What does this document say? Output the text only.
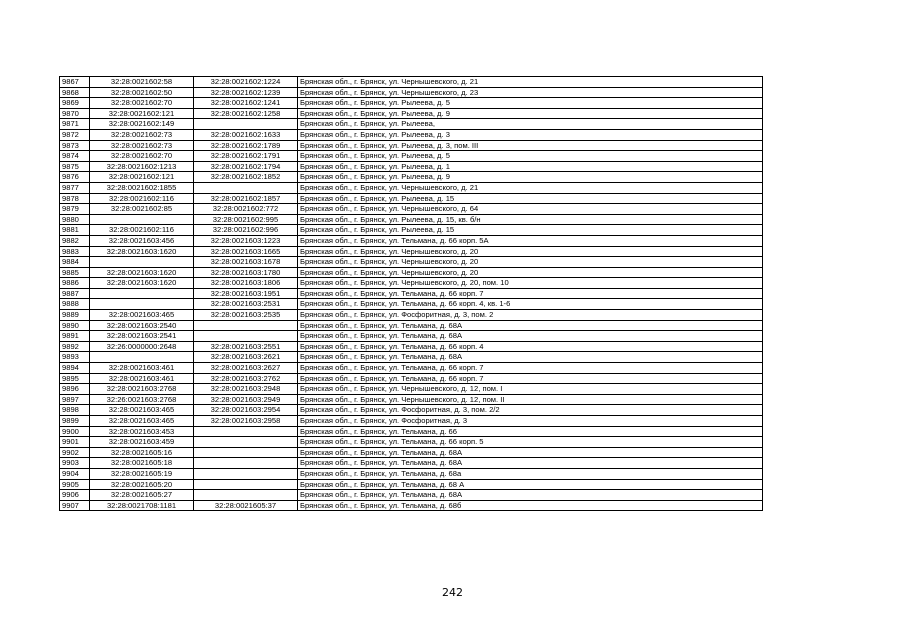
9867	32:28:0021602:58	32:28:0021602:1224	Брянская обл., г. Брянск, ул. Чернышевского, д. 21
9868	32:28:0021602:50	32:28:0021602:1239	Брянская обл., г. Брянск, ул. Чернышевского, д. 23
9869	32:28:0021602:70	32:28:0021602:1241	Брянская обл., г. Брянск, ул. Рылеева, д. 5
9870	32:28:0021602:121	32:28:0021602:1258	Брянская обл., г. Брянск, ул. Рылеева, д. 9
9871	32:28:0021602:149		Брянская обл., г. Брянск, ул. Рылеева,
9872	32:28:0021602:73	32:28:0021602:1633	Брянская обл., г. Брянск, ул. Рылеева, д. 3
9873	32:28:0021602:73	32:28:0021602:1789	Брянская обл., г. Брянск, ул. Рылеева, д. 3, пом. III
9874	32:28:0021602:70	32:28:0021602:1791	Брянская обл., г. Брянск, ул. Рылеева, д. 5
9875	32:28:0021602:1213	32:28:0021602:1794	Брянская обл., г. Брянск, ул. Рылеева, д. 1
9876	32:28:0021602:121	32:28:0021602:1852	Брянская обл., г. Брянск, ул. Рылеева, д. 9
9877	32:28:0021602:1855		Брянская обл., г. Брянск, ул. Чернышевского, д. 21
9878	32:28:0021602:116	32:28:0021602:1857	Брянская обл., г. Брянск, ул. Рылеева, д. 15
9879	32:28:0021602:85	32:28:0021602:772	Брянская обл., г. Брянск, ул. Чернышевского, д. 64
9880		32:28:0021602:995	Брянская обл., г. Брянск, ул. Рылеева, д. 15, кв. б/н
9881	32:28:0021602:116	32:28:0021602:996	Брянская обл., г. Брянск, ул. Рылеева, д. 15
9882	32:28:0021603:456	32:28:0021603:1223	Брянская обл., г. Брянск, ул. Тельмана, д. 66 корп. 5А
9883	32:28:0021603:1620	32:28:0021603:1665	Брянская обл., г. Брянск, ул. Чернышевского, д. 20
9884		32:28:0021603:1678	Брянская обл., г. Брянск, ул. Чернышевского, д. 20
9885	32:28:0021603:1620	32:28:0021603:1780	Брянская обл., г. Брянск, ул. Чернышевского, д. 20
9886	32:28:0021603:1620	32:28:0021603:1806	Брянская обл., г. Брянск, ул. Чернышевского, д. 20, пом. 10
9887		32:28:0021603:1951	Брянская обл., г. Брянск, ул. Тельмана, д. 66 корп. 7
9888		32:28:0021603:2531	Брянская обл., г. Брянск, ул. Тельмана, д. 66 корп. 4, кв. 1-6
9889	32:28:0021603:465	32:28:0021603:2535	Брянская обл., г. Брянск, ул. Фосфоритная, д. 3, пом. 2
9890	32:28:0021603:2540		Брянская обл., г. Брянск, ул. Тельмана, д. 68А
9891	32:28:0021603:2541		Брянская обл., г. Брянск, ул. Тельмана, д. 68А
9892	32:26:0000000:2648	32:28:0021603:2551	Брянская обл., г. Брянск, ул. Тельмана, д. 66 корп. 4
9893		32:28:0021603:2621	Брянская обл., г. Брянск, ул. Тельмана, д. 68А
9894	32:28:0021603:461	32:28:0021603:2627	Брянская обл., г. Брянск, ул. Тельмана, д. 66 корп. 7
9895	32:28:0021603:461	32:28:0021603:2762	Брянская обл., г. Брянск, ул. Тельмана, д. 66 корп. 7
9896	32:28:0021603:2768	32:28:0021603:2948	Брянская обл., г. Брянск, ул. Чернышевского, д. 12, пом. I
9897	32:26:0021603:2768	32:28:0021603:2949	Брянская обл., г. Брянск, ул. Чернышевского, д. 12, пом. II
9898	32:28:0021603:465	32:28:0021603:2954	Брянская обл., г. Брянск, ул. Фосфоритная, д. 3, пом. 2/2
9899	32:28:0021603:465	32:28:0021603:2958	Брянская обл., г. Брянск, ул. Фосфоритная, д. 3
9900	32:28:0021603:453		Брянская обл., г. Брянск, ул. Тельмана, д. 66
9901	32:28:0021603:459		Брянская обл., г. Брянск, ул. Тельмана, д. 66 корп. 5
9902	32:28:0021605:16		Брянская обл., г. Брянск, ул. Тельмана, д. 68А
9903	32:28:0021605:18		Брянская обл., г. Брянск, ул. Тельмана, д. 68А
9904	32:28:0021605:19		Брянская обл., г. Брянск, ул. Тельмана, д. 68а
9905	32:28:0021605:20		Брянская обл., г. Брянск, ул. Тельмана, д. 68 А
9906	32:28:0021605:27		Брянская обл., г. Брянск, ул. Тельмана, д. 68А
9907	32:28:0021708:1181	32:28:0021605:37	Брянская обл., г. Брянск, ул. Тельмана, д. 68б
242
